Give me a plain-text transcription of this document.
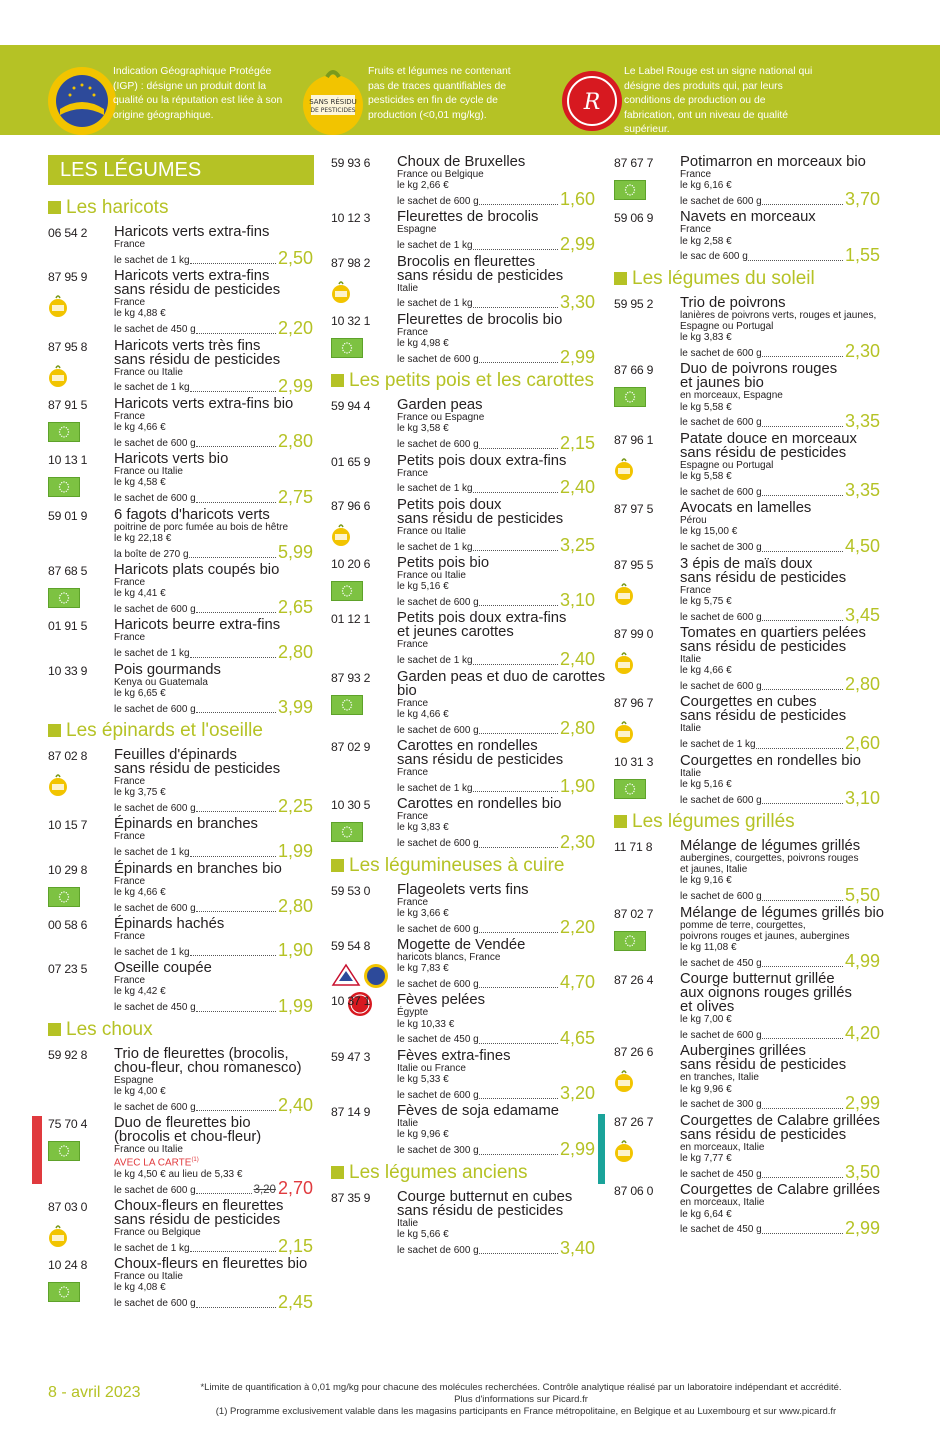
Indication Géographique Protégée (IGP) : désigne un produit dont la qualité ou la réputation est liée à son origine géographique.
SANS RÉSIDU
DE PESTICIDES
Fruits et légumes ne contenant pas de traces quantifiables de pesticides en fin de cycle de production (<0,01 mg/kg).
R
Le Label Rouge est un signe national qui désigne des produits qui, par leurs conditions de production ou de fabrication, ont un niveau de qualité supérieur.
LES LÉGUMES
Les haricots
06 54 2 Haricots verts extra-fins
France
le sachet de 1 kg	2,50
87 95 9 Haricots verts extra-fins
sans résidu de pesticides
France
le kg 4,88 €
le sachet de 450 g	2,20
87 95 8 Haricots verts très fins
sans résidu de pesticides
France ou Italie
le sachet de 1 kg	2,99
87 91 5 Haricots verts extra-fins bio
France
le kg 4,66 €
le sachet de 600 g	2,80
10 13 1 Haricots verts bio
France ou Italie
le kg 4,58 €
le sachet de 600 g	2,75
59 01 9 6 fagots d'haricots verts
poitrine de porc fumée au bois de hêtre
le kg 22,18 €
la boîte de 270 g	5,99
87 68 5 Haricots plats coupés bio
France
le kg 4,41 €
le sachet de 600 g	2,65
01 91 5 Haricots beurre extra-fins
France
le sachet de 1 kg	2,80
10 33 9 Pois gourmands
Kenya ou Guatemala
le kg 6,65 €
le sachet de 600 g	3,99
Les épinards et l'oseille
87 02 8 Feuilles d'épinards
sans résidu de pesticides
France
le kg 3,75 €
le sachet de 600 g	2,25
10 15 7 Épinards en branches
France
le sachet de 1 kg	1,99
10 29 8 Épinards en branches bio
France
le kg 4,66 €
le sachet de 600 g	2,80
00 58 6 Épinards hachés
France
le sachet de 1 kg	1,90
07 23 5 Oseille coupée
France
le kg 4,42 €
le sachet de 450 g	1,99
Les choux
59 92 8 Trio de fleurettes (brocolis,
chou-fleur, chou romanesco)
Espagne
le kg 4,00 €
le sachet de 600 g	2,40
75 70 4 Duo de fleurettes bio
(brocolis et chou-fleur)
France ou Italie
AVEC LA CARTE$^{(1)}$
le kg 4,50 € au lieu de 5,33 €
le sachet de 600 g	3,20 2,70
87 03 0 Choux-fleurs en fleurettes
sans résidu de pesticides
France ou Belgique
le sachet de 1 kg	2,15
10 24 8 Choux-fleurs en fleurettes bio
France ou Italie
le kg 4,08 €
le sachet de 600 g	2,45
59 93 6 Choux de Bruxelles
France ou Belgique
le kg 2,66 €
le sachet de 600 g	1,60
10 12 3 Fleurettes de brocolis
Espagne
le sachet de 1 kg	2,99
87 98 2 Brocolis en fleurettes
sans résidu de pesticides
Italie
le sachet de 1 kg	3,30
10 32 1 Fleurettes de brocolis bio
France
le kg 4,98 €
le sachet de 600 g	2,99
Les petits pois et les carottes
59 94 4 Garden peas
France ou Espagne
le kg 3,58 €
le sachet de 600 g	2,15
01 65 9 Petits pois doux extra-fins
France
le sachet de 1 kg	2,40
87 96 6 Petits pois doux
sans résidu de pesticides
France ou Italie
le sachet de 1 kg	3,25
10 20 6 Petits pois bio
France ou Italie
le kg 5,16 €
le sachet de 600 g	3,10
01 12 1 Petits pois doux extra-fins
et jeunes carottes
France
le sachet de 1 kg	2,40
87 93 2 Garden peas et duo de carottes
bio
France
le kg 4,66 €
le sachet de 600 g	2,80
87 02 9 Carottes en rondelles
sans résidu de pesticides
France
le sachet de 1 kg	1,90
10 30 5 Carottes en rondelles bio
France
le kg 3,83 €
le sachet de 600 g	2,30
Les légumineuses à cuire
59 53 0 Flageolets verts fins
France
le kg 3,66 €
le sachet de 600 g	2,20
59 54 8 Mogette de Vendée
haricots blancs, France
le kg 7,83 €
le sachet de 600 g	4,70
10 37 1 Fèves pelées
Égypte
le kg 10,33 €
le sachet de 450 g	4,65
59 47 3 Fèves extra-fines
Italie ou France
le kg 5,33 €
le sachet de 600 g	3,20
87 14 9 Fèves de soja edamame
Italie
le kg 9,96 €
le sachet de 300 g	2,99
Les légumes anciens
87 35 9 Courge butternut en cubes
sans résidu de pesticides
Italie
le kg 5,66 €
le sachet de 600 g	3,40
87 67 7 Potimarron en morceaux bio
France
le kg 6,16 €
le sachet de 600 g	3,70
59 06 9 Navets en morceaux
France
le kg 2,58 €
le sac de 600 g	1,55
Les légumes du soleil
59 95 2 Trio de poivrons
lanières de poivrons verts, rouges et jaunes,
Espagne ou Portugal
le kg 3,83 €
le sachet de 600 g	2,30
87 66 9 Duo de poivrons rouges
et jaunes bio
en morceaux, Espagne
le kg 5,58 €
le sachet de 600 g	3,35
87 96 1 Patate douce en morceaux
sans résidu de pesticides
Espagne ou Portugal
le kg 5,58 €
le sachet de 600 g	3,35
87 97 5 Avocats en lamelles
Pérou
le kg 15,00 €
le sachet de 300 g	4,50
87 95 5 3 épis de maïs doux
sans résidu de pesticides
France
le kg 5,75 €
le sachet de 600 g	3,45
87 99 0 Tomates en quartiers pelées
sans résidu de pesticides
Italie
le kg 4,66 €
le sachet de 600 g	2,80
87 96 7 Courgettes en cubes
sans résidu de pesticides
Italie
le sachet de 1 kg	2,60
10 31 3 Courgettes en rondelles bio
Italie
le kg 5,16 €
le sachet de 600 g	3,10
Les légumes grillés
11 71 8 Mélange de légumes grillés
aubergines, courgettes, poivrons rouges
et jaunes, Italie
le kg 9,16 €
le sachet de 600 g	5,50
87 02 7 Mélange de légumes grillés bio
pomme de terre, courgettes,
poivrons rouges et jaunes, aubergines
le kg 11,08 €
le sachet de 450 g	4,99
87 26 4 Courge butternut grillée
aux oignons rouges grillés
et olives
le kg 7,00 €
le sachet de 600 g	4,20
87 26 6 Aubergines grillées
sans résidu de pesticides
en tranches, Italie
le kg 9,96 €
le sachet de 300 g	2,99
87 26 7 Courgettes de Calabre grillées
sans résidu de pesticides
en morceaux, Italie
le kg 7,77 €
le sachet de 450 g	3,50
87 06 0 Courgettes de Calabre grillées
en morceaux, Italie
le kg 6,64 €
le sachet de 450 g	2,99
8 - avril 2023	*Limite de quantification à 0,01 mg/kg pour chacune des molécules recherchées. Contrôle analytique réalisé par un laboratoire indépendant et accrédité. Plus d'informations sur Picard.fr
(1) Programme exclusivement valable dans les magasins participants en France métropolitaine, en Belgique et au Luxembourg et sur www.picard.fr
